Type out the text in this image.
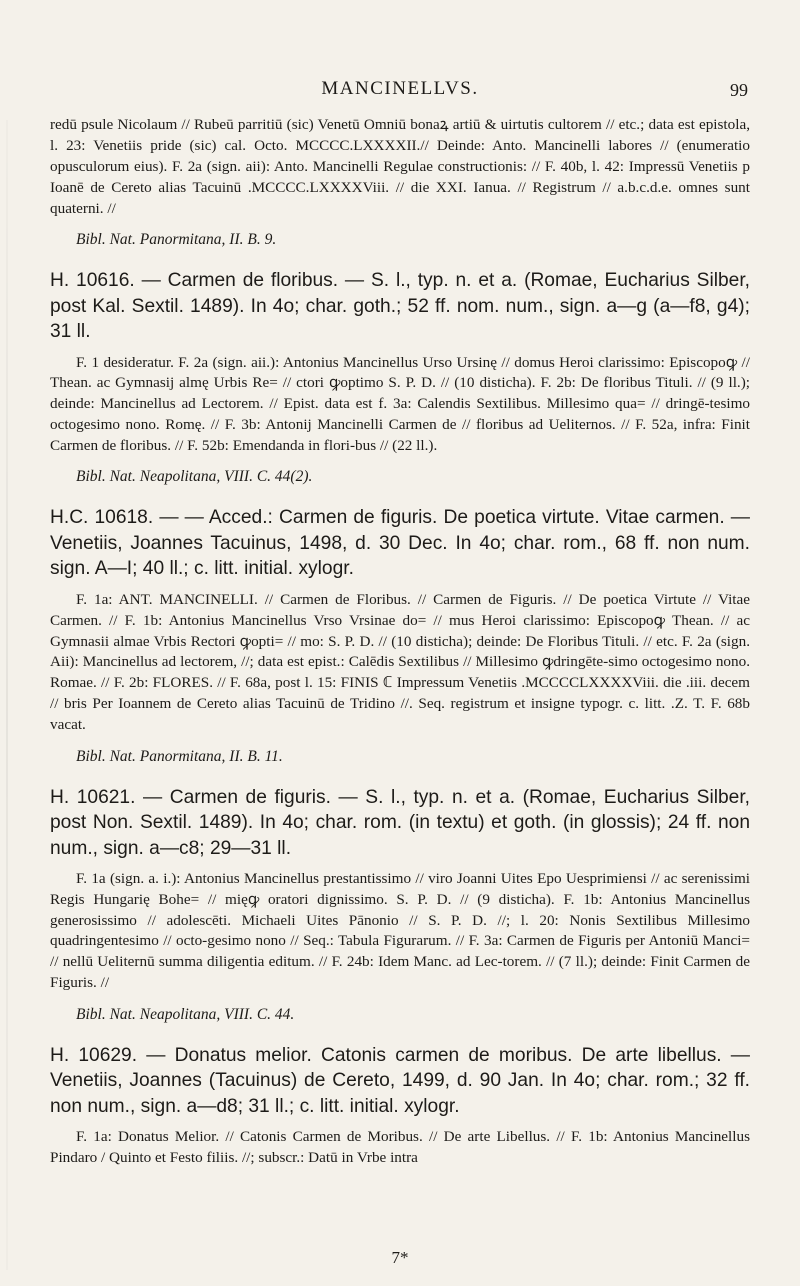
MANCINELLVS.	99

redū psule Nicolaum // Rubeū parritiū (sic) Venetū Omniū bonaꝝ artiū & uirtutis cultorem // etc.; data est epistola, l. 23: Venetiis pride (sic) cal. Octo. MCCCC.LXXXXII.// Deinde: Anto. Mancinelli labores // (enumeratio opusculorum eius). F. 2a (sign. aii): Anto. Mancinelli Regulae constructionis: // F. 40b, l. 42: Impressū Venetiis p Ioanē de Cereto alias Tacuinū .MCCCC.LXXXXViii. // die XXI. Ianua. // Registrum // a.b.c.d.e. omnes sunt quaterni. //

Bibl. Nat. Panormitana, II. B. 9.

H. 10616. — Carmen de floribus. — S. l., typ. n. et a. (Romae, Eucharius Silber, post Kal. Sextil. 1489). In 4o; char. goth.; 52 ff. nom. num., sign. a—g (a—f8, g4); 31 ll.

F. 1 desideratur. F. 2a (sign. aii.): Antonius Mancinellus Urso Ursinę // domus Heroi clarissimo: Episcopoꝙ // Thean. ac Gymnasij almę Urbis Re= // ctori ꝙoptimo S. P. D. // (10 disticha). F. 2b: De floribus Tituli. // (9 ll.); deinde: Mancinellus ad Lectorem. // Epist. data est f. 3a: Calendis Sextilibus. Millesimo qua= // dringē-tesimo octogesimo nono. Romę. // F. 3b: Antonij Mancinelli Carmen de // floribus ad Ueliternos. // F. 52a, infra: Finit Carmen de floribus. // F. 52b: Emendanda in flori-bus // (22 ll.).

Bibl. Nat. Neapolitana, VIII. C. 44(2).

H.C. 10618. — — Acced.: Carmen de figuris. De poetica virtute. Vitae carmen. — Venetiis, Joannes Tacuinus, 1498, d. 30 Dec. In 4o; char. rom., 68 ff. non num. sign. A—I; 40 ll.; c. litt. initial. xylogr.

F. 1a: ANT. MANCINELLI. // Carmen de Floribus. // Carmen de Figuris. // De poetica Virtute // Vitae Carmen. // F. 1b: Antonius Mancinellus Vrso Vrsinae do= // mus Heroi clarissimo: Episcopoꝙ Thean. // ac Gymnasii almae Vrbis Rectori ꝙopti= // mo: S. P. D. // (10 disticha); deinde: De Floribus Tituli. // etc. F. 2a (sign. Aii): Mancinellus ad lectorem, //; data est epist.: Calēdis Sextilibus // Millesimo ꝙdringēte-simo octogesimo nono. Romae. // F. 2b: FLORES. // F. 68a, post l. 15: FINIS ℂ Impressum Venetiis .MCCCCLXXXXViii. die .iii. decem // bris Per Ioannem de Cereto alias Tacuinū de Tridino //. Seq. registrum et insigne typogr. c. litt. .Z. T. F. 68b vacat.

Bibl. Nat. Panormitana, II. B. 11.

H. 10621. — Carmen de figuris. — S. l., typ. n. et a. (Romae, Eucharius Silber, post Non. Sextil. 1489). In 4o; char. rom. (in textu) et goth. (in glossis); 24 ff. non num., sign. a—c8; 29—31 ll.

F. 1a (sign. a. i.): Antonius Mancinellus prestantissimo // viro Joanni Uites Epo Uesprimiensi // ac serenissimi Regis Hungarię Bohe= // mięꝙ oratori dignissimo. S. P. D. // (9 disticha). F. 1b: Antonius Mancinellus generosissimo // adolescēti. Michaeli Uites Pānonio // S. P. D. //; l. 20: Nonis Sextilibus Millesimo quadringentesimo // octo-gesimo nono // Seq.: Tabula Figurarum. // F. 3a: Carmen de Figuris per Antoniū Manci= // nellū Ueliternū summa diligentia editum. // F. 24b: Idem Manc. ad Lec-torem. // (7 ll.); deinde: Finit Carmen de Figuris. //

Bibl. Nat. Neapolitana, VIII. C. 44.

H. 10629. — Donatus melior. Catonis carmen de moribus. De arte libellus. — Venetiis, Joannes (Tacuinus) de Cereto, 1499, d. 90 Jan. In 4o; char. rom.; 32 ff. non num., sign. a—d8; 31 ll.; c. litt. initial. xylogr.

F. 1a: Donatus Melior. // Catonis Carmen de Moribus. // De arte Libellus. // F. 1b: Antonius Mancinellus Pindaro / Quinto et Festo filiis. //; subscr.: Datū in Vrbe intra

7*
